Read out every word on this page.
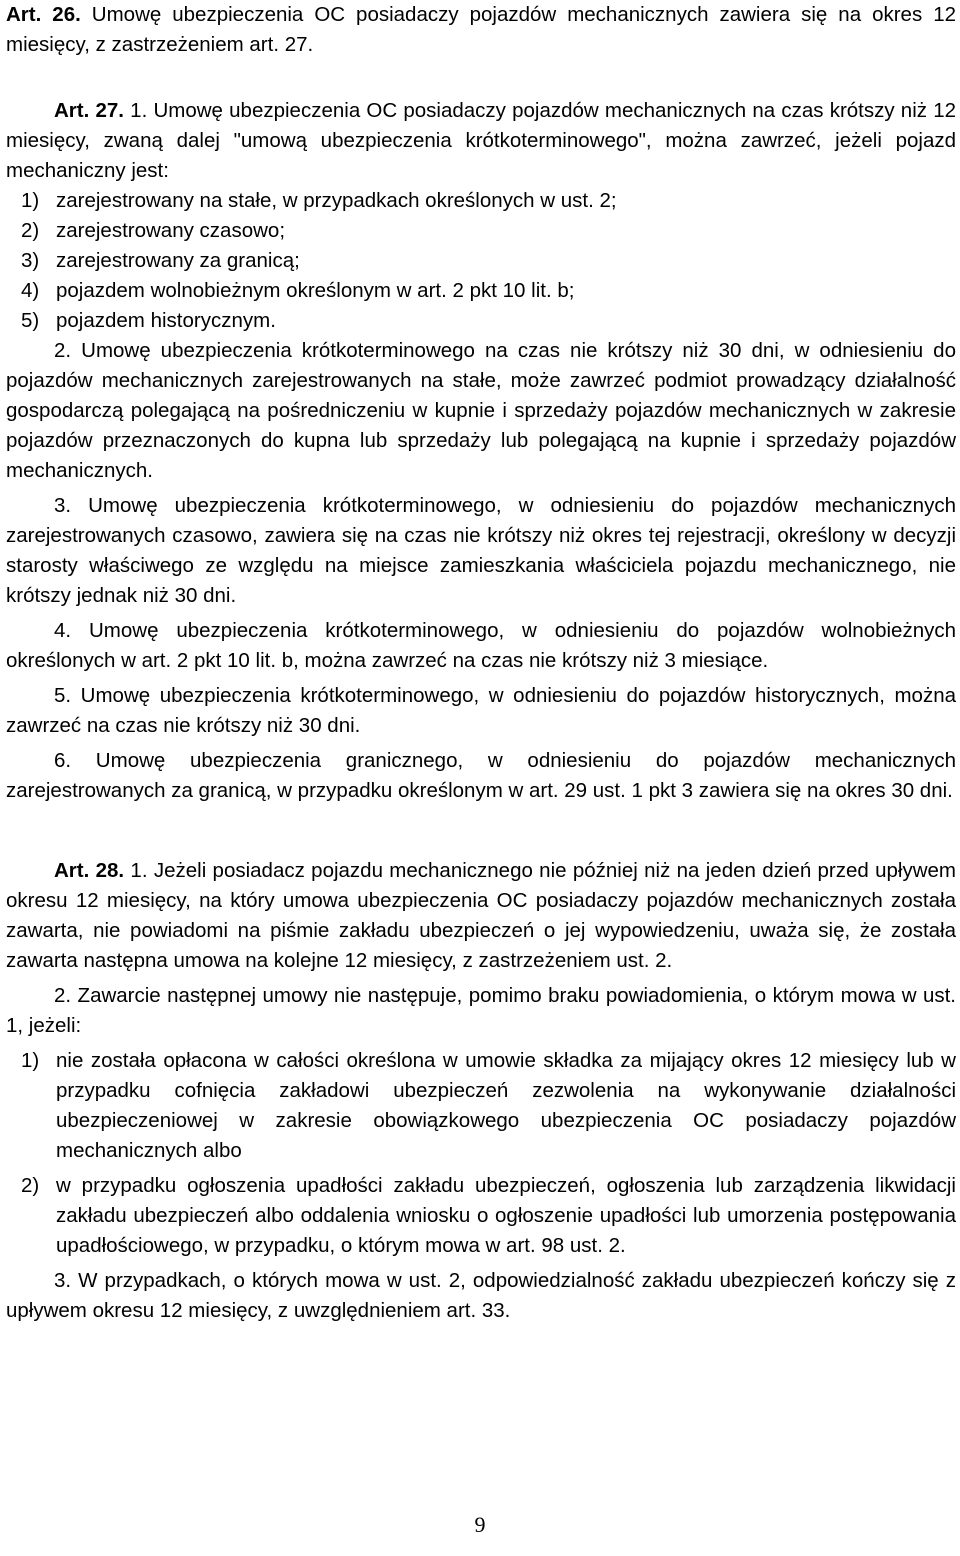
Art. 26. Umowę ubezpieczenia OC posiadaczy pojazdów mechanicznych zawiera się na okres 12 miesięcy, z zastrzeżeniem art. 27.

Art. 27. 1. Umowę ubezpieczenia OC posiadaczy pojazdów mechanicznych na czas krótszy niż 12 miesięcy, zwaną dalej "umową ubezpieczenia krótkoterminowego", można zawrzeć, jeżeli pojazd mechaniczny jest:

1) zarejestrowany na stałe, w przypadkach określonych w ust. 2;

2) zarejestrowany czasowo;

3) zarejestrowany za granicą;

4) pojazdem wolnobieżnym określonym w art. 2 pkt 10 lit. b;

5) pojazdem historycznym.

2. Umowę ubezpieczenia krótkoterminowego na czas nie krótszy niż 30 dni, w odniesieniu do pojazdów mechanicznych zarejestrowanych na stałe, może zawrzeć podmiot prowadzący działalność gospodarczą polegającą na pośredniczeniu w kupnie i sprzedaży pojazdów mechanicznych w zakresie pojazdów przeznaczonych do kupna lub sprzedaży lub polegającą na kupnie i sprzedaży pojazdów mechanicznych.

3. Umowę ubezpieczenia krótkoterminowego, w odniesieniu do pojazdów mechanicznych zarejestrowanych czasowo, zawiera się na czas nie krótszy niż okres tej rejestracji, określony w decyzji starosty właściwego ze względu na miejsce zamieszkania właściciela pojazdu mechanicznego, nie krótszy jednak niż 30 dni.

4. Umowę ubezpieczenia krótkoterminowego, w odniesieniu do pojazdów wolnobieżnych określonych w art. 2 pkt 10 lit. b, można zawrzeć na czas nie krótszy niż 3 miesiące.

5. Umowę ubezpieczenia krótkoterminowego, w odniesieniu do pojazdów historycznych, można zawrzeć na czas nie krótszy niż 30 dni.

6. Umowę ubezpieczenia granicznego, w odniesieniu do pojazdów mechanicznych zarejestrowanych za granicą, w przypadku określonym w art. 29 ust. 1 pkt 3 zawiera się na okres 30 dni.

Art. 28. 1. Jeżeli posiadacz pojazdu mechanicznego nie później niż na jeden dzień przed upływem okresu 12 miesięcy, na który umowa ubezpieczenia OC posiadaczy pojazdów mechanicznych została zawarta, nie powiadomi na piśmie zakładu ubezpieczeń o jej wypowiedzeniu, uważa się, że została zawarta następna umowa na kolejne 12 miesięcy, z zastrzeżeniem ust. 2.

2. Zawarcie następnej umowy nie następuje, pomimo braku powiadomienia, o którym mowa w ust. 1, jeżeli:

1) nie została opłacona w całości określona w umowie składka za mijający okres 12 miesięcy lub w przypadku cofnięcia zakładowi ubezpieczeń zezwolenia na wykonywanie działalności ubezpieczeniowej w zakresie obowiązkowego ubezpieczenia OC posiadaczy pojazdów mechanicznych albo
2) w przypadku ogłoszenia upadłości zakładu ubezpieczeń, ogłoszenia lub zarządzenia likwidacji zakładu ubezpieczeń albo oddalenia wniosku o ogłoszenie upadłości lub umorzenia postępowania upadłościowego, w przypadku, o którym mowa w art. 98 ust. 2.

3. W przypadkach, o których mowa w ust. 2, odpowiedzialność zakładu ubezpieczeń kończy się z upływem okresu 12 miesięcy, z uwzględnieniem art. 33.

9
